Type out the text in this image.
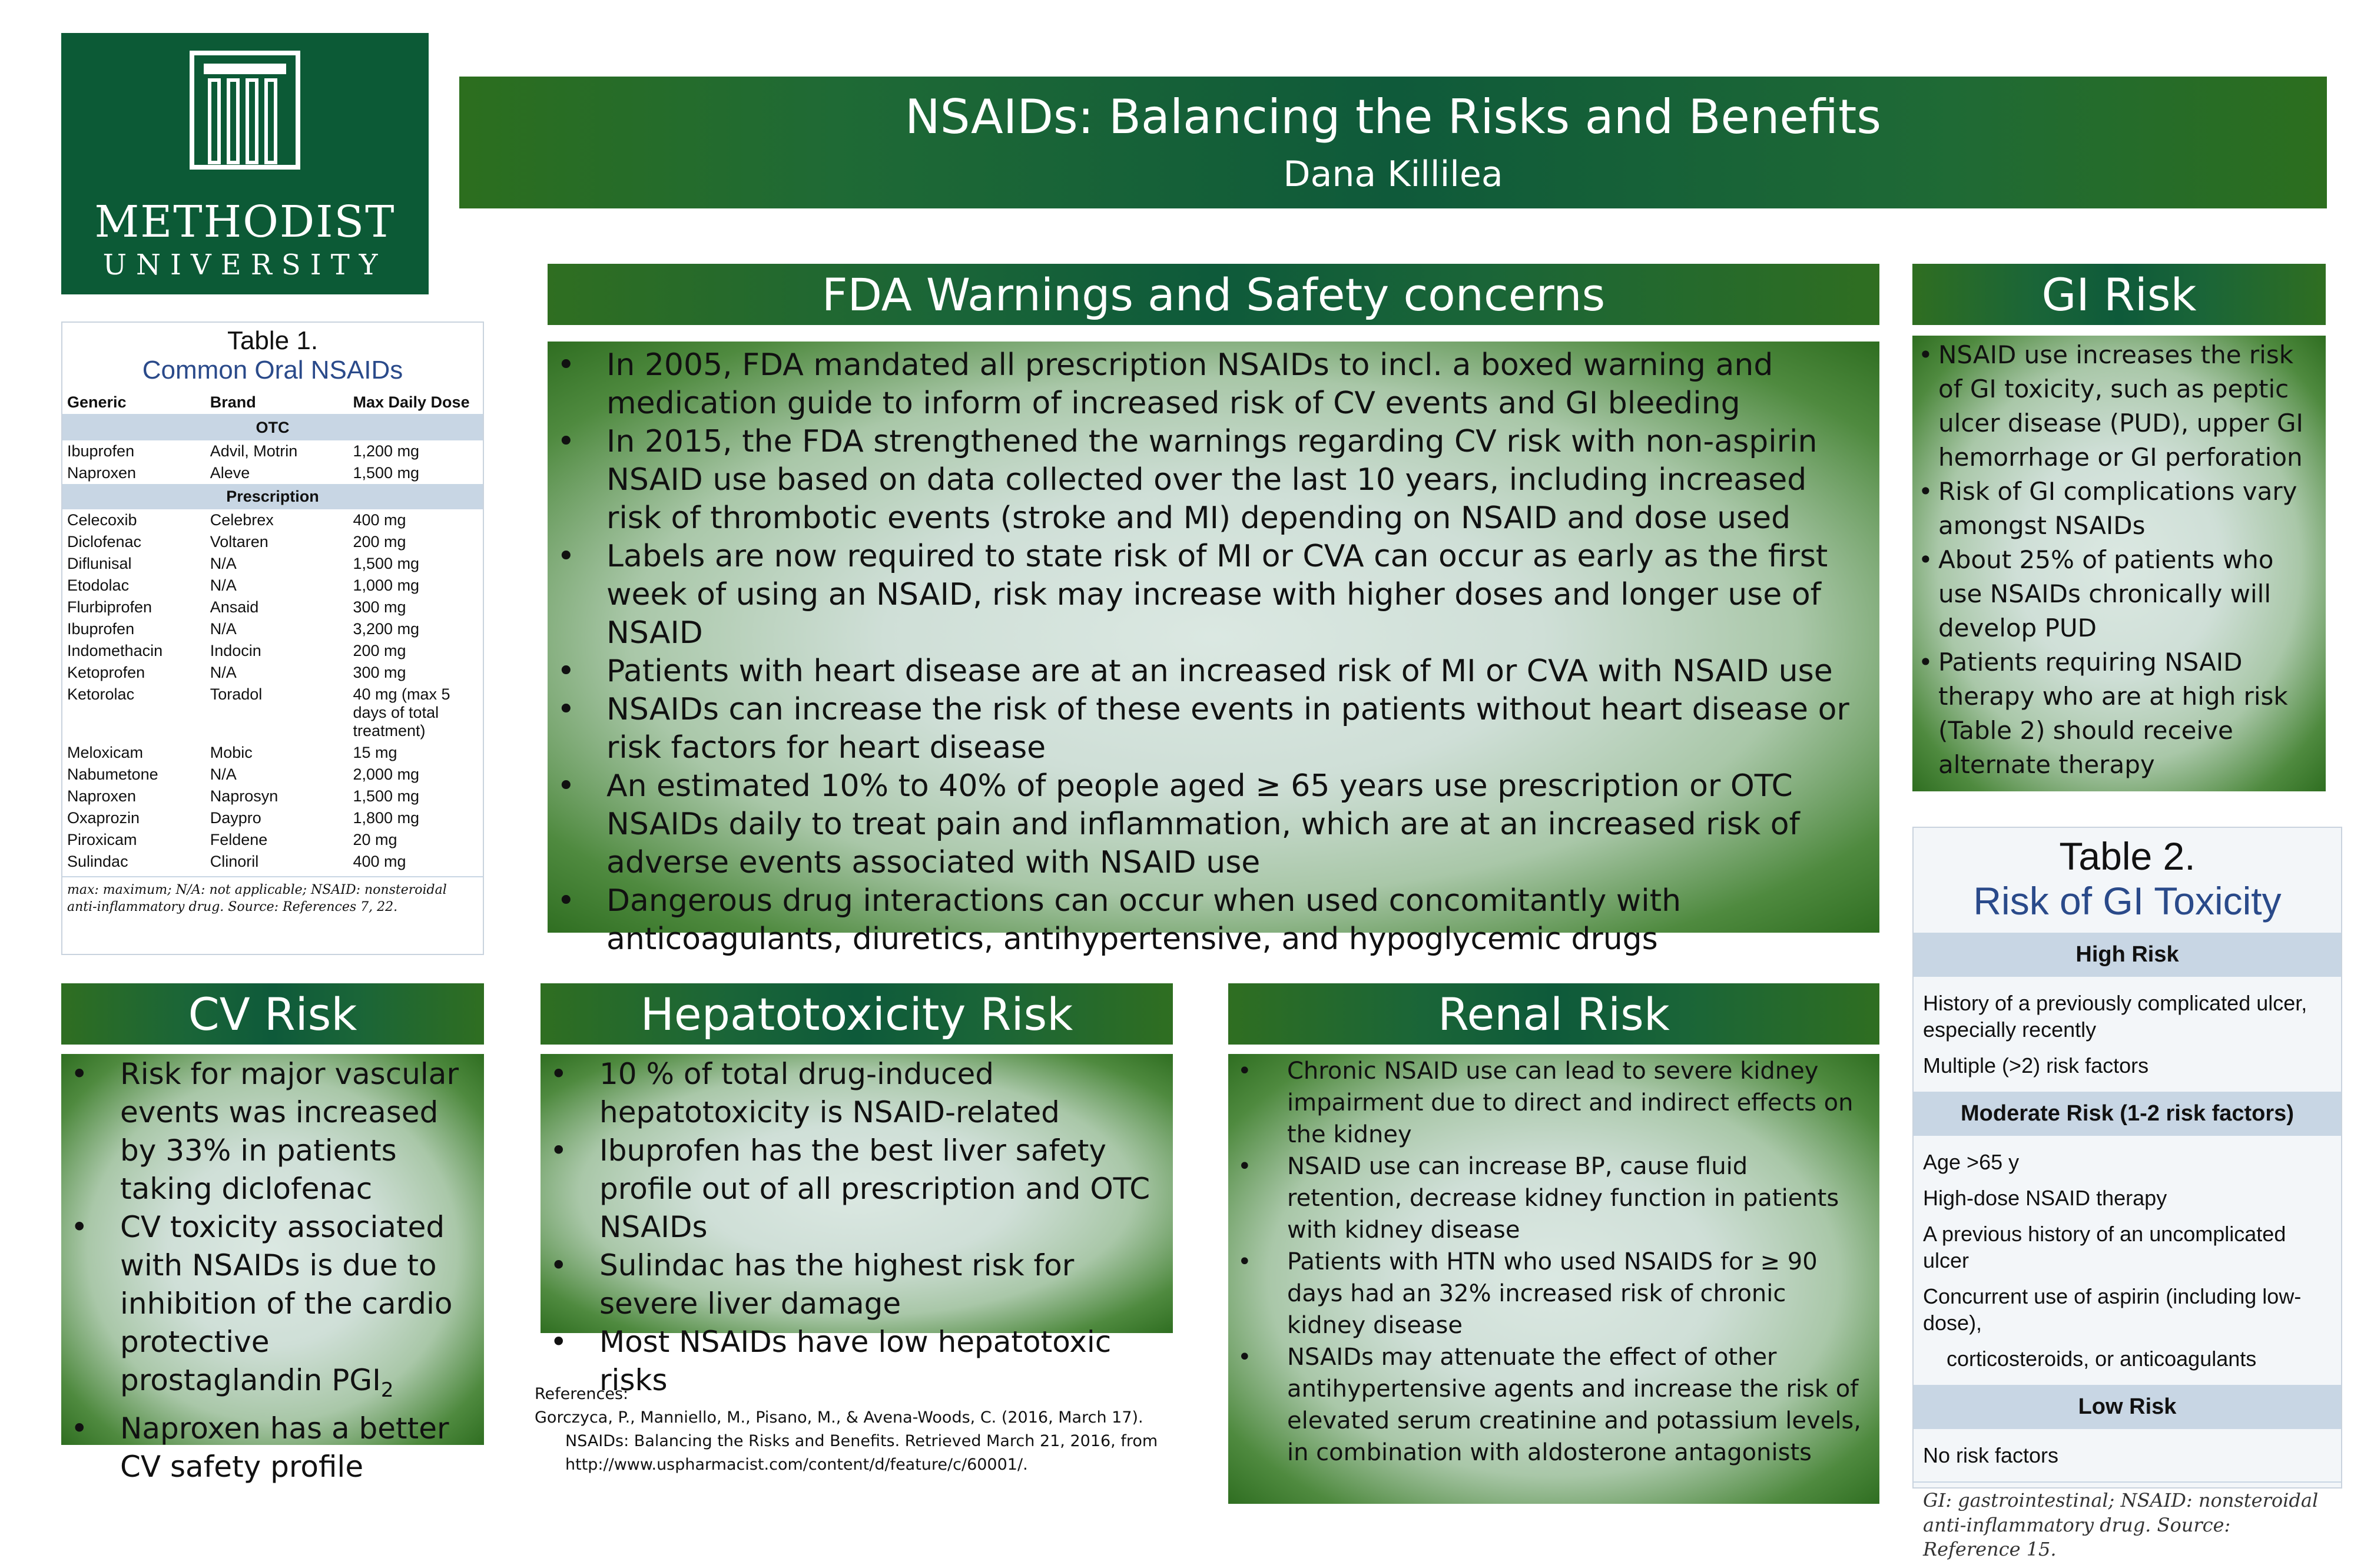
METHODIST
UNIVERSITY
NSAIDs: Balancing the Risks and Benefits
Dana Killilea
Table 1.
Common Oral NSAIDs
Generic	Brand	Max Daily Dose
OTC		
Ibuprofen	Advil, Motrin	1,200 mg
Naproxen	Aleve	1,500 mg
Prescription		
Celecoxib	Celebrex	400 mg
Diclofenac	Voltaren	200 mg
Diflunisal	N/A	1,500 mg
Etodolac	N/A	1,000 mg
Flurbiprofen	Ansaid	300 mg
Ibuprofen	N/A	3,200 mg
Indomethacin	Indocin	200 mg
Ketoprofen	N/A	300 mg
Ketorolac	Toradol	40 mg (max 5 days of total treatment)
Meloxicam	Mobic	15 mg
Nabumetone	N/A	2,000 mg
Naproxen	Naprosyn	1,500 mg
Oxaprozin	Daypro	1,800 mg
Piroxicam	Feldene	20 mg
Sulindac	Clinoril	400 mg
max: maximum; N/A: not applicable; NSAID: nonsteroidal anti-inflammatory drug. Source: References 7, 22.
FDA Warnings and Safety concerns
• In 2005, FDA mandated all prescription NSAIDs to incl. a boxed warning and medication guide to inform of increased risk of CV events and GI bleeding
• In 2015, the FDA strengthened the warnings regarding CV risk with non-aspirin NSAID use based on data collected over the last 10 years, including increased risk of thrombotic events (stroke and MI) depending on NSAID and dose used
• Labels are now required to state risk of MI or CVA can occur as early as the first week of using an NSAID, risk may increase with higher doses and longer use of NSAID
• Patients with heart disease are at an increased risk of MI or CVA with NSAID use
• NSAIDs can increase the risk of these events in patients without heart disease or risk factors for heart disease
• An estimated 10% to 40% of people aged ≥ 65 years use prescription or OTC NSAIDs daily to treat pain and inflammation, which are at an increased risk of adverse events associated with NSAID use
• Dangerous drug interactions can occur when used concomitantly with anticoagulants, diuretics, antihypertensive, and hypoglycemic drugs
GI Risk
• NSAID use increases the risk of GI toxicity, such as peptic ulcer disease (PUD), upper GI hemorrhage or GI perforation
• Risk of GI complications vary amongst NSAIDs
• About 25% of patients who use NSAIDs chronically will develop PUD
• Patients requiring NSAID therapy who are at high risk (Table 2) should receive alternate therapy
Table 2.
Risk of GI Toxicity
High Risk
History of a previously complicated ulcer, especially recently
Multiple (>2) risk factors
Moderate Risk (1-2 risk factors)
Age >65 y
High-dose NSAID therapy
A previous history of an uncomplicated ulcer
Concurrent use of aspirin (including low-dose),
corticosteroids, or anticoagulants
Low Risk
No risk factors
GI: gastrointestinal; NSAID: nonsteroidal anti-inflammatory drug. Source: Reference 15.
CV Risk
• Risk for major vascular events was increased by 33% in patients taking diclofenac
• CV toxicity associated with NSAIDs is due to inhibition of the cardio protective prostaglandin $PGI_2$
• Naproxen has a better CV safety profile
Hepatotoxicity Risk
• 10 % of total drug-induced hepatotoxicity is NSAID-related
• Ibuprofen has the best liver safety profile out of all prescription and OTC NSAIDs
• Sulindac has the highest risk for severe liver damage
• Most NSAIDs have low hepatotoxic risks
Renal Risk
• Chronic NSAID use can lead to severe kidney impairment due to direct and indirect effects on the kidney
• NSAID use can increase BP, cause fluid retention, decrease kidney function in patients with kidney disease
• Patients with HTN who used NSAIDS for ≥ 90 days had an 32% increased risk of chronic kidney disease
• NSAIDs may attenuate the effect of other antihypertensive agents and increase the risk of elevated serum creatinine and potassium levels, in combination with aldosterone antagonists
References:
Gorczyca, P., Manniello, M., Pisano, M., & Avena-Woods, C. (2016, March 17).
NSAIDs: Balancing the Risks and Benefits. Retrieved March 21, 2016, from
http://www.uspharmacist.com/content/d/feature/c/60001/.
